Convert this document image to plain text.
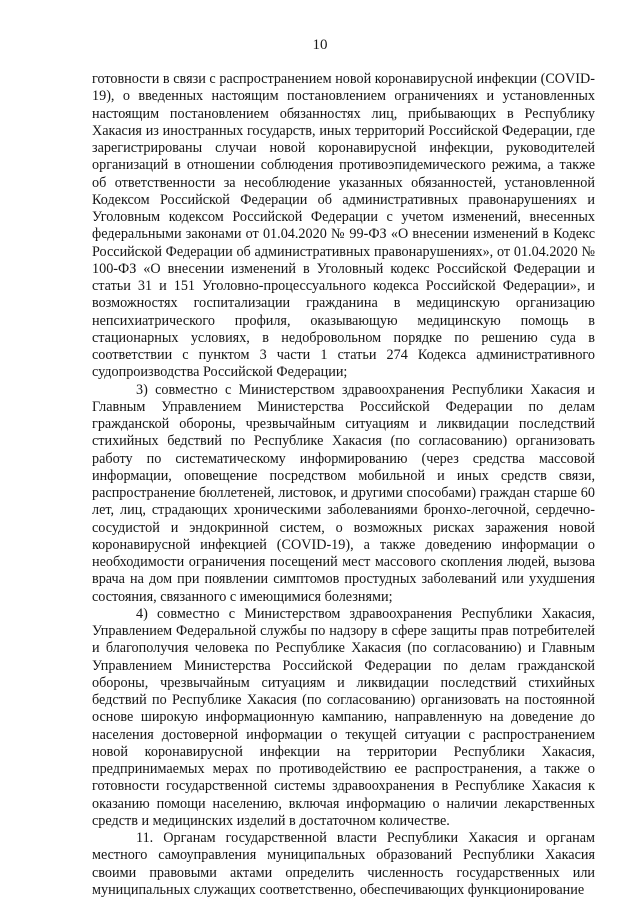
10

готовности в связи с распространением новой коронавирусной инфекции (COVID-19), о введенных настоящим постановлением ограничениях и установленных настоящим постановлением обязанностях лиц, прибывающих в Республику Хакасия из иностранных государств, иных территорий Российской Федерации, где зарегистрированы случаи новой коронавирусной инфекции, руководителей организаций в отношении соблюдения противоэпидемического режима, а также об ответственности за несоблюдение указанных обязанностей, установленной Кодексом Российской Федерации об административных правонарушениях и Уголовным кодексом Российской Федерации с учетом изменений, внесенных федеральными законами от 01.04.2020 № 99-ФЗ «О внесении изменений в Кодекс Российской Федерации об административных правонарушениях», от 01.04.2020 № 100-ФЗ «О внесении изменений в Уголовный кодекс Российской Федерации и статьи 31 и 151 Уголовно-процессуального кодекса Российской Федерации», и возможностях госпитализации гражданина в медицинскую организацию непсихиатрического профиля, оказывающую медицинскую помощь в стационарных условиях, в недобровольном порядке по решению суда в соответствии с пунктом 3 части 1 статьи 274 Кодекса административного судопроизводства Российской Федерации;

3) совместно с Министерством здравоохранения Республики Хакасия и Главным Управлением Министерства Российской Федерации по делам гражданской обороны, чрезвычайным ситуациям и ликвидации последствий стихийных бедствий по Республике Хакасия (по согласованию) организовать работу по систематическому информированию (через средства массовой информации, оповещение посредством мобильной и иных средств связи, распространение бюллетеней, листовок, и другими способами) граждан старше 60 лет, лиц, страдающих хроническими заболеваниями бронхо-легочной, сердечно-сосудистой и эндокринной систем, о возможных рисках заражения новой коронавирусной инфекцией (COVID-19), а также доведению информации о необходимости ограничения посещений мест массового скопления людей, вызова врача на дом при появлении симптомов простудных заболеваний или ухудшения состояния, связанного с имеющимися болезнями;

4) совместно с Министерством здравоохранения Республики Хакасия, Управлением Федеральной службы по надзору в сфере защиты прав потребителей и благополучия человека по Республике Хакасия (по согласованию) и Главным Управлением Министерства Российской Федерации по делам гражданской обороны, чрезвычайным ситуациям и ликвидации последствий стихийных бедствий по Республике Хакасия (по согласованию) организовать на постоянной основе широкую информационную кампанию, направленную на доведение до населения достоверной информации о текущей ситуации с распространением новой коронавирусной инфекции на территории Республики Хакасия, предпринимаемых мерах по противодействию ее распространения, а также о готовности государственной системы здравоохранения в Республике Хакасия к оказанию помощи населению, включая информацию о наличии лекарственных средств и медицинских изделий в достаточном количестве.

11. Органам государственной власти Республики Хакасия и органам местного самоуправления муниципальных образований Республики Хакасия своими правовыми актами определить численность государственных или муниципальных служащих соответственно, обеспечивающих функционирование
